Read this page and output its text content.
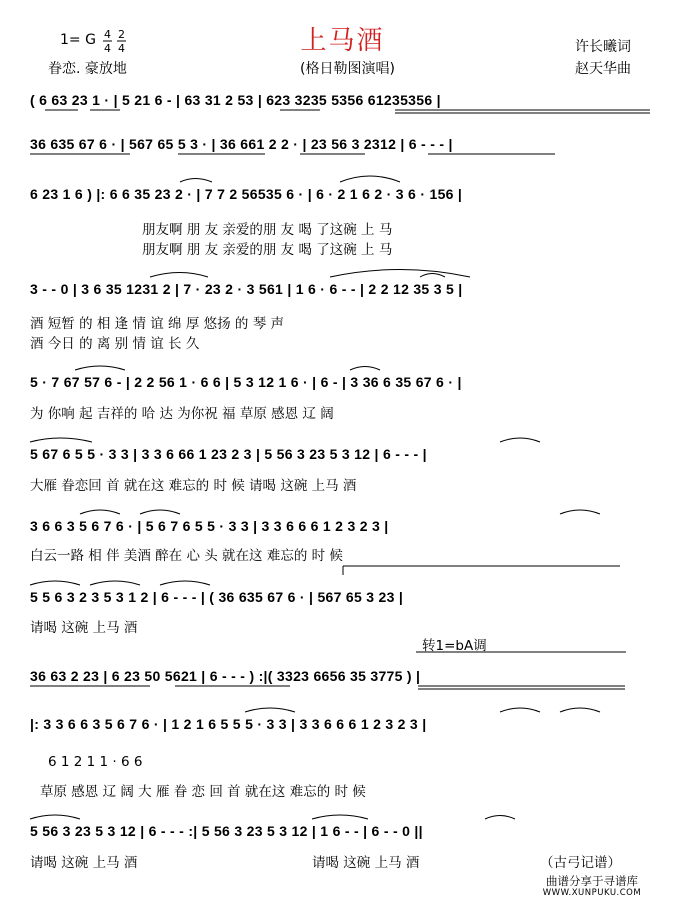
上马酒
(格日勒图演唱)
1= G 4
4
2
4
眷恋. 豪放地
许长曦词
赵天华曲
( 6 63 23 1 · | 5 21 6 - | 63 31 2 53 | 623 3235 5356 61235356 |
36 635 67 6 · | 567 65 5 3 · | 36 661 2 2 · | 23 56 3 2312 | 6 - - - |
6 23 1 6 ) |: 6 6 35 23 2 · | 7 7 2 56535 6 · | 6 · 2 1 6 2 · 3 6 · 156 |
朋友啊 朋 友 亲爱的朋 友 喝 了这碗 上 马
朋友啊 朋 友 亲爱的朋 友 喝 了这碗 上 马
3 - - 0 | 3 6 35 1231 2 | 7 · 23 2 · 3 561 | 1 6 · 6 - - | 2 2 12 35 3 5 |
酒 短暂 的 相 逢 情 谊 绵 厚 悠扬 的 琴 声
酒 今日 的 离 别 情 谊 长 久
5 · 7 67 57 6 - | 2 2 56 1 · 6 6 | 5 3 12 1 6 · | 6 - | 3 36 6 35 67 6 · |
为 你响 起 吉祥的 哈 达 为你祝 福 草原 感恩 辽 阔
5 67 6 5 5 · 3 3 | 3 3 6 66 1 23 2 3 | 5 56 3 23 5 3 12 | 6 - - - |
大雁 眷恋回 首 就在这 难忘的 时 候 请喝 这碗 上马 酒
3 6 6 3 5 6 7 6 · | 5 6 7 6 5 5 · 3 3 | 3 3 6 6 6 1 2 3 2 3 |
白云一路 相 伴 美酒 醉在 心 头 就在这 难忘的 时 候
5 5 6 3 2 3 5 3 1 2 | 6 - - - | ( 36 635 67 6 · | 567 65 3 23 |
请喝 这碗 上马 酒
转1=bA调
36 63 2 23 | 6 23 50 5621 | 6 - - - ) :|( 3323 6656 35 3775 ) |
|: 3 3 6 6 3 5 6 7 6 · | 1 2 1 6 5 5 5 · 3 3 | 3 3 6 6 6 1 2 3 2 3 |
6 1 2 1 1 · 6 6
草原 感恩 辽 阔 大 雁 眷 恋 回 首 就在这 难忘的 时 候
5 56 3 23 5 3 12 | 6 - - - :| 5 56 3 23 5 3 12 | 1 6 - - | 6 - - 0 ||
请喝 这碗 上马 酒	请喝 这碗 上马 酒	（古弓记谱）
曲谱分享于寻谱库
WWW.XUNPUKU.COM
